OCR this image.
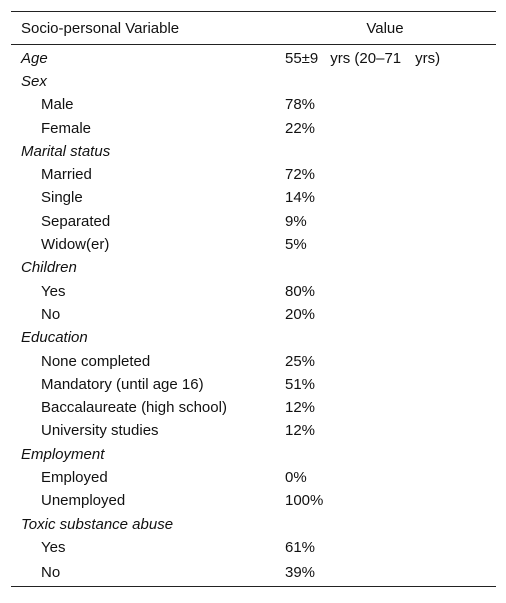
Socio-personal Variable	Value
Age	55±9 yrs (20–71 yrs)
Sex	
Male	78%
Female	22%
Marital status	
Married	72%
Single	14%
Separated	9%
Widow(er)	5%
Children	
Yes	80%
No	20%
Education	
None completed	25%
Mandatory (until age 16)	51%
Baccalaureate (high school)	12%
University studies	12%
Employment	
Employed	0%
Unemployed	100%
Toxic substance abuse	
Yes	61%
No	39%
